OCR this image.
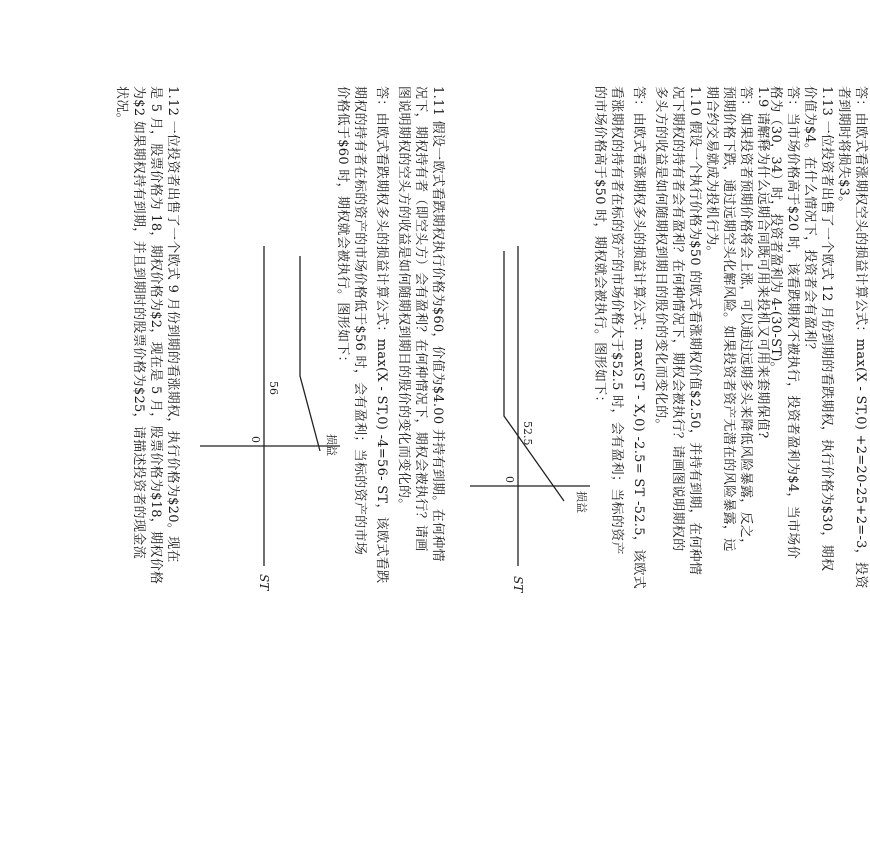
1.9 请解释为什么远期合同既可用来投机又可用来套期保值?
答：如果投资者预期价格将会上涨，可以通过远期多头来降低风险暴露，反之，
预期价格下跌，通过远期空头化解风险。如果投资者资产无潜在的风险暴露，远
期合约交易就成为投机行为。
1.10 假设一个执行价格为$50 的欧式看涨期权价值$2.50，并持有到期，在何种情
况下期权的持有者会有盈利？在何种情况下，期权会被执行？请画图说明期权的
多头方的收益是如何随期权到期日的股价的变化而变化的。
答：由欧式看涨期权多头的损益计算公式：max(ST - X,0) -2.5= ST -52.5，该欧式
看涨期权的持有者在标的资产的市场价格大于$52.5 时，会有盈利；当标的资产
的市场价格高于$50 时，期权就会被执行。图形如下：
损益
ST
0
52.5
1.11 假设一欧式看跌期权执行价格为$60，价值为$4.00 并持有到期。在何种情
况下，期权持有者（即空头方）会有盈利？在何种情况下，期权会被执行？请画
图说明期权的空头方的收益是如何随期权到期日的股价的变化而变化的。
答：由欧式看跌期权多头的损益计算公式：max(X - ST,0) -4=56- ST，该欧式看跌
期权的持有者在标的资产的市场价格低于$56 时，会有盈利；当标的资产的市场
价格低于$60 时，期权就会被执行。图形如下：
损益
ST
0
56
1.12 一位投资者出售了一个欧式 9 月份到期的看涨期权，执行价格为$20。现在
是 5 月，股票价格为 18，期权价格为$2，现在是 5 月，股票价格为$18，期权价格
为$2 如果期权持有到期，并且到期时的股票价格为$25，请描述投资者的现金流
状况。	答：由欧式看涨期权空头的损益计算公式：max(X - ST,0) +2=20-25+2=-3，投资
者到期时将损失$3。
1.13 一位投资者出售了一个欧式 12 月份到期的看跌期权，执行价格为$30，期权
价值为$4。在什么情况下，投资者会有盈利？
答：当市场价格高于$20 时，该看跌期权不被执行，投资者盈利为$4，当市场价
格为（30，34）时，投资者盈利为 4-(30-ST)。
